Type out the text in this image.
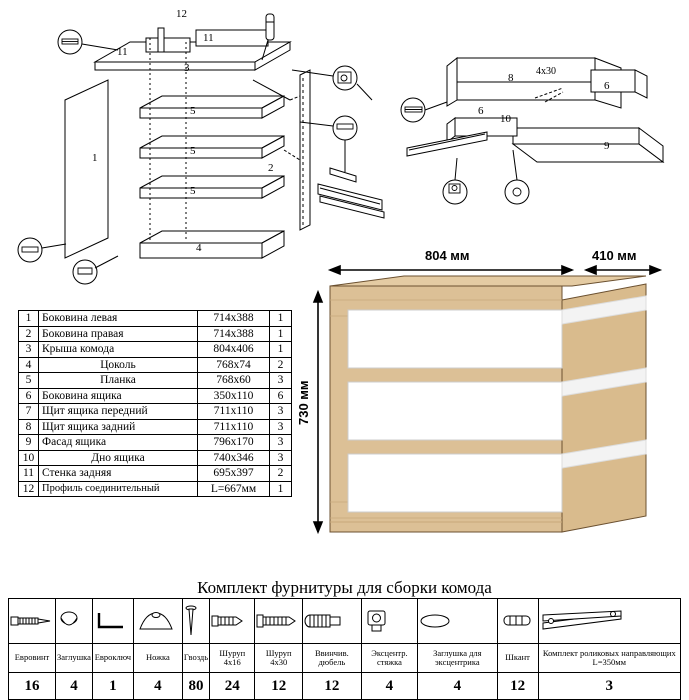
12
11
11
3
5
5
5
1
2
4
8
4x30
6
6
10
9
1	Боковина левая	714х388	1
2	Боковина правая	714х388	1
3	Крыша комода	804х406	1
4	Цоколь	768х74	2
5	Планка	768х60	3
6	Боковина ящика	350х110	6
7	Щит ящика передний	711х110	3
8	Щит ящика задний	711х110	3
9	Фасад ящика	796х170	3
10	Дно ящика	740х346	3
11	Стенка задняя	695х397	2
12	Профиль соединительный	L=667мм	1
804 мм	410 мм
730 мм
Комплект фурнитуры для сборки комода

Евровинт	Заглушка	Евроключ	Ножка	Гвоздь	Шуруп 4х16	Шуруп 4х30	Ввинчив. дюбель	Эксцентр. стяжка	Заглушка для эксцентрика	Шкант	Комплект роликовых направляющих L=350мм
16	4	1	4	80	24	12	12	4	4	12	3
